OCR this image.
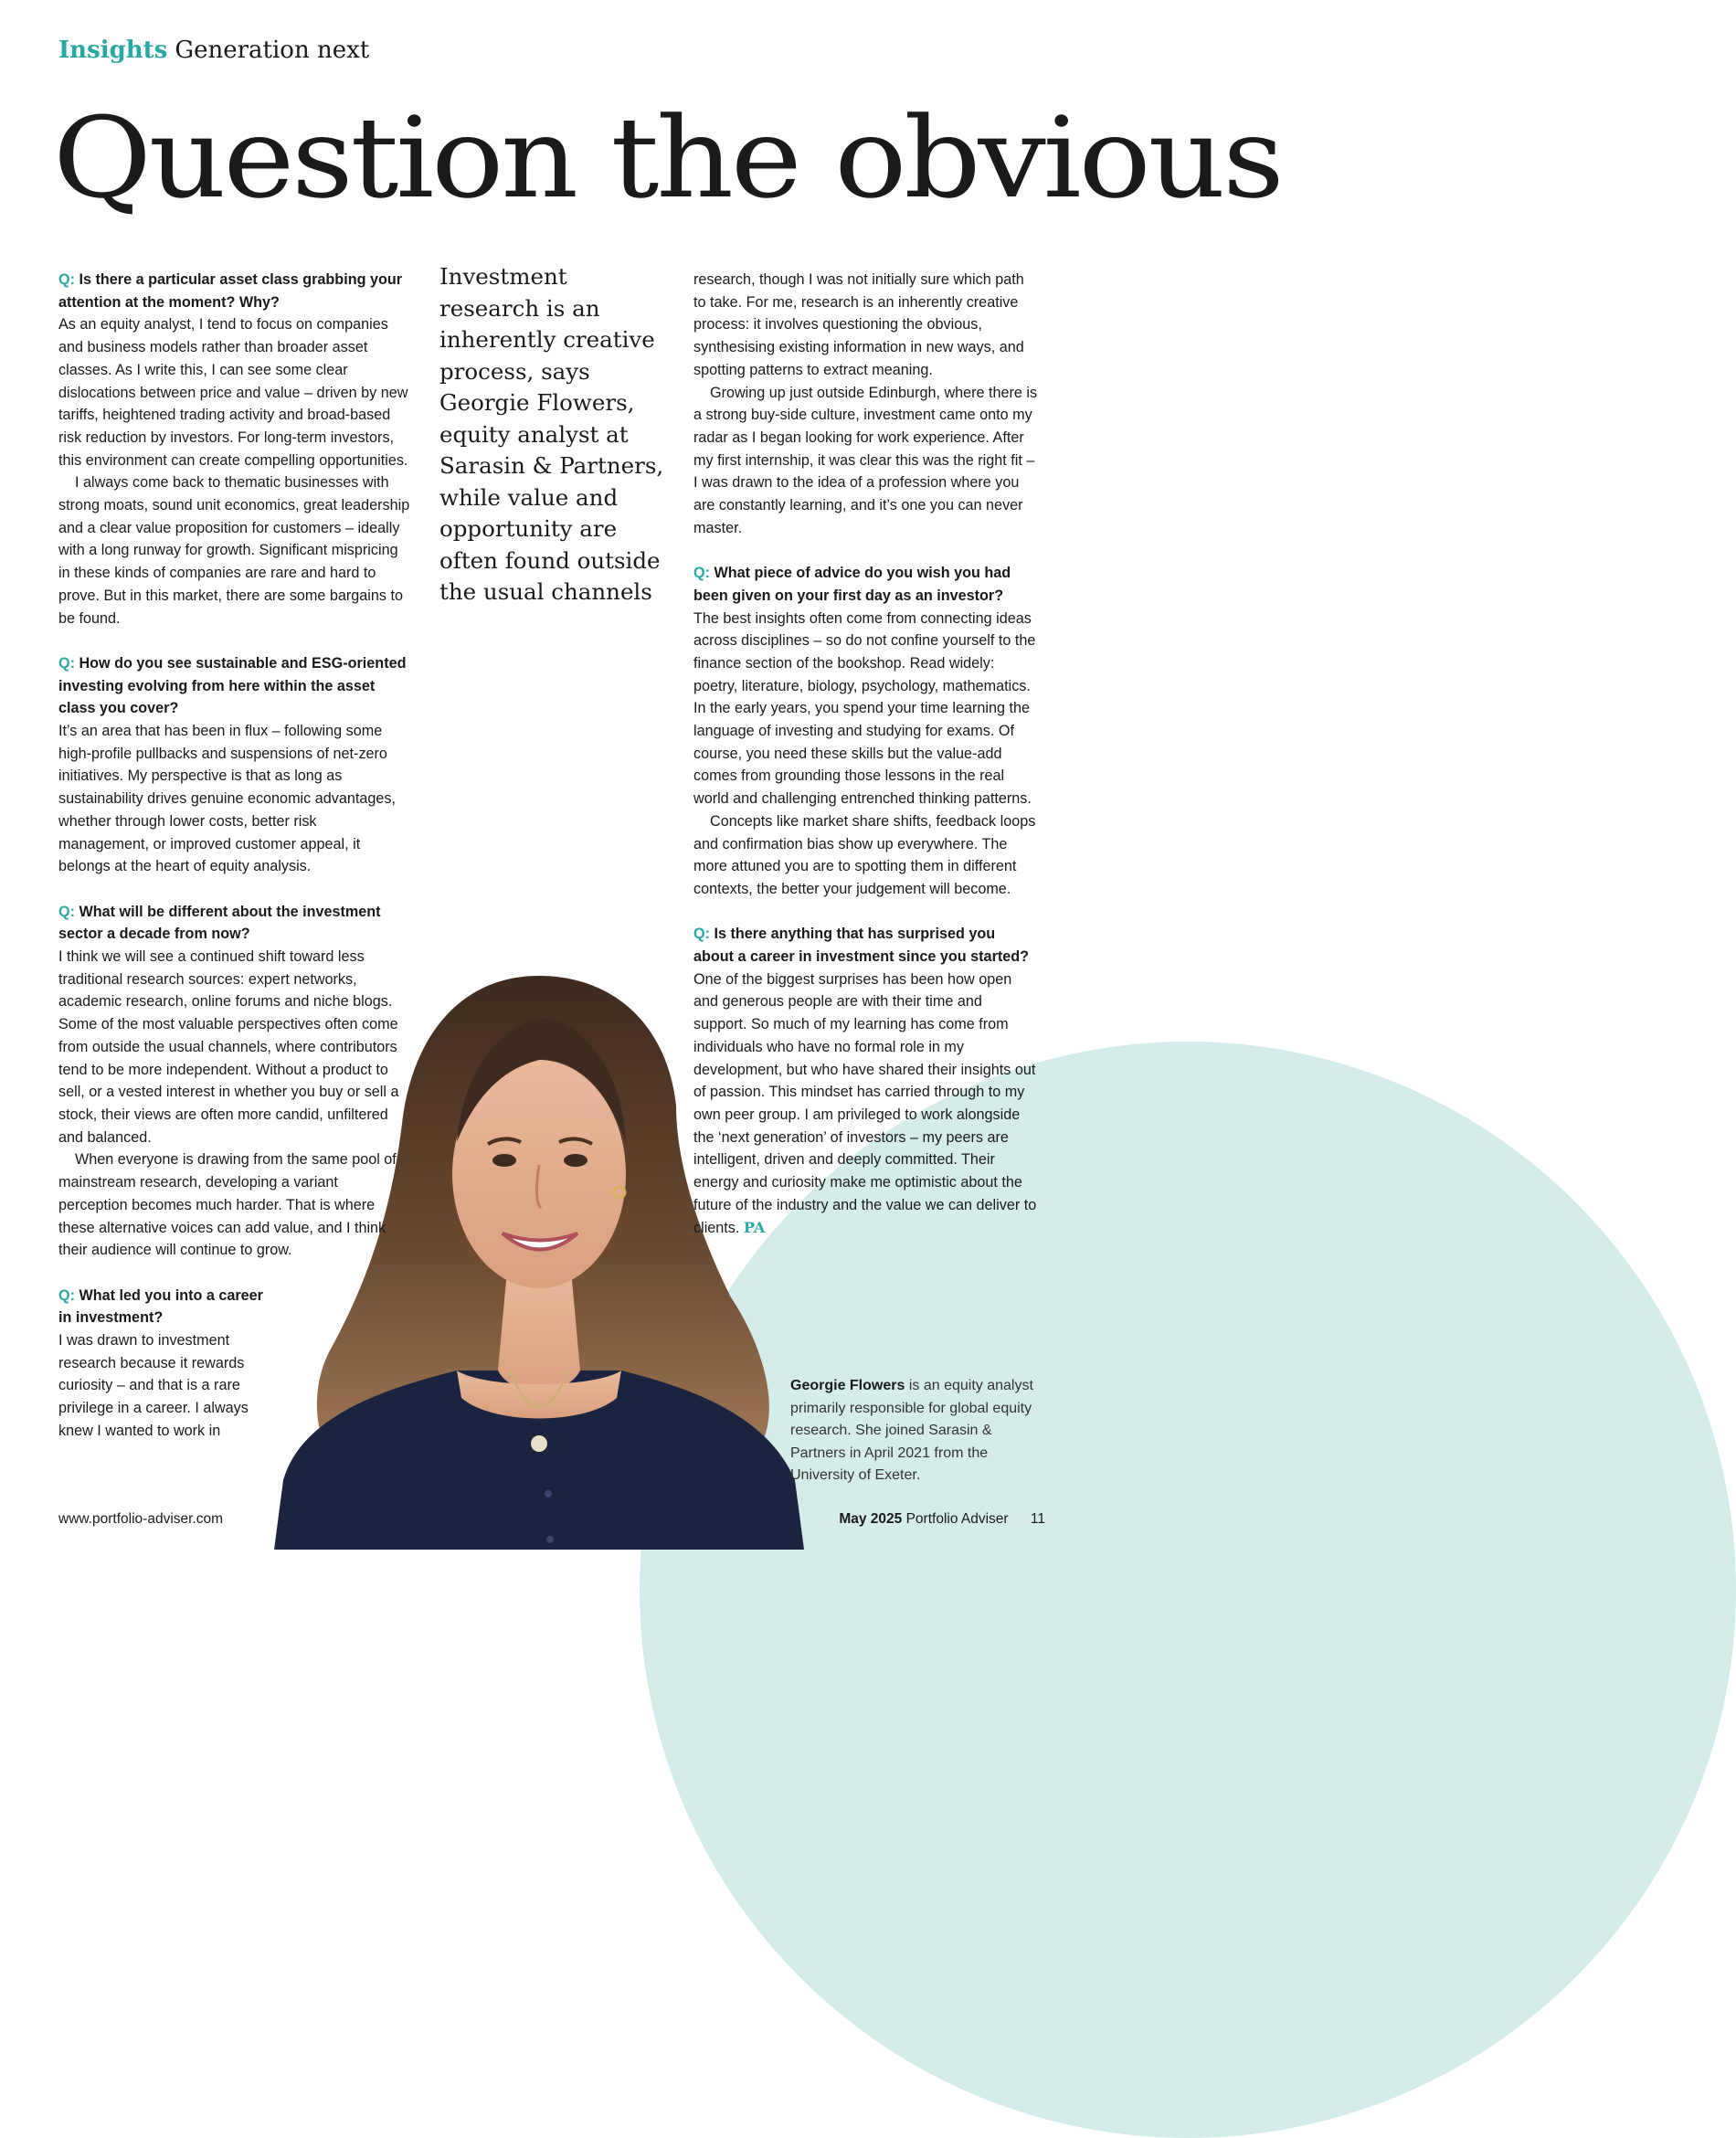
Insights Generation next
Question the obvious
Investment research is an inherently creative process, says Georgie Flowers, equity analyst at Sarasin & Partners, while value and opportunity are often found outside the usual channels

Q: Is there a particular asset class grabbing your attention at the moment? Why?

As an equity analyst, I tend to focus on companies and business models rather than broader asset classes. As I write this, I can see some clear dislocations between price and value – driven by new tariffs, heightened trading activity and broad-based risk reduction by investors. For long-term investors, this environment can create compelling opportunities.

I always come back to thematic businesses with strong moats, sound unit economics, great leadership and a clear value proposition for customers – ideally with a long runway for growth. Significant mispricing in these kinds of companies are rare and hard to prove. But in this market, there are some bargains to be found.

Q: How do you see sustainable and ESG-oriented investing evolving from here within the asset class you cover?

It’s an area that has been in flux – following some high-profile pullbacks and suspensions of net-zero initiatives. My perspective is that as long as sustainability drives genuine economic advantages, whether through lower costs, better risk management, or improved customer appeal, it belongs at the heart of equity analysis.

Q: What will be different about the investment sector a decade from now?

I think we will see a continued shift toward less traditional research sources: expert networks, academic research, online forums and niche blogs. Some of the most valuable perspectives often come from outside the usual channels, where contributors tend to be more independent. Without a product to sell, or a vested interest in whether you buy or sell a stock, their views are often more candid, unfiltered and balanced.

When everyone is drawing from the same pool of mainstream research, developing a variant perception becomes much harder. That is where these alternative voices can add value, and I think their audience will continue to grow.

Q: What led you into a career in investment?

I was drawn to investment research because it rewards curiosity – and that is a rare privilege in a career. I always knew I wanted to work in

research, though I was not initially sure which path to take. For me, research is an inherently creative process: it involves questioning the obvious, synthesising existing information in new ways, and spotting patterns to extract meaning.

Growing up just outside Edinburgh, where there is a strong buy-side culture, investment came onto my radar as I began looking for work experience. After my first internship, it was clear this was the right fit – I was drawn to the idea of a profession where you are constantly learning, and it’s one you can never master.

Q: What piece of advice do you wish you had been given on your first day as an investor?

The best insights often come from connecting ideas across disciplines – so do not confine yourself to the finance section of the bookshop. Read widely: poetry, literature, biology, psychology, mathematics. In the early years, you spend your time learning the language of investing and studying for exams. Of course, you need these skills but the value-add comes from grounding those lessons in the real world and challenging entrenched thinking patterns.

Concepts like market share shifts, feedback loops and confirmation bias show up everywhere. The more attuned you are to spotting them in different contexts, the better your judgement will become.

Q: Is there anything that has surprised you about a career in investment since you started?

One of the biggest surprises has been how open and generous people are with their time and support. So much of my learning has come from individuals who have no formal role in my development, but who have shared their insights out of passion. This mindset has carried through to my own peer group. I am privileged to work alongside the ‘next generation’ of investors – my peers are intelligent, driven and deeply committed. Their energy and curiosity make me optimistic about the future of the industry and the value we can deliver to clients. PA

Georgie Flowers is an equity analyst primarily responsible for global equity research. She joined Sarasin & Partners in April 2021 from the University of Exeter.
www.portfolio-adviser.com	May 2025 Portfolio Adviser 11
